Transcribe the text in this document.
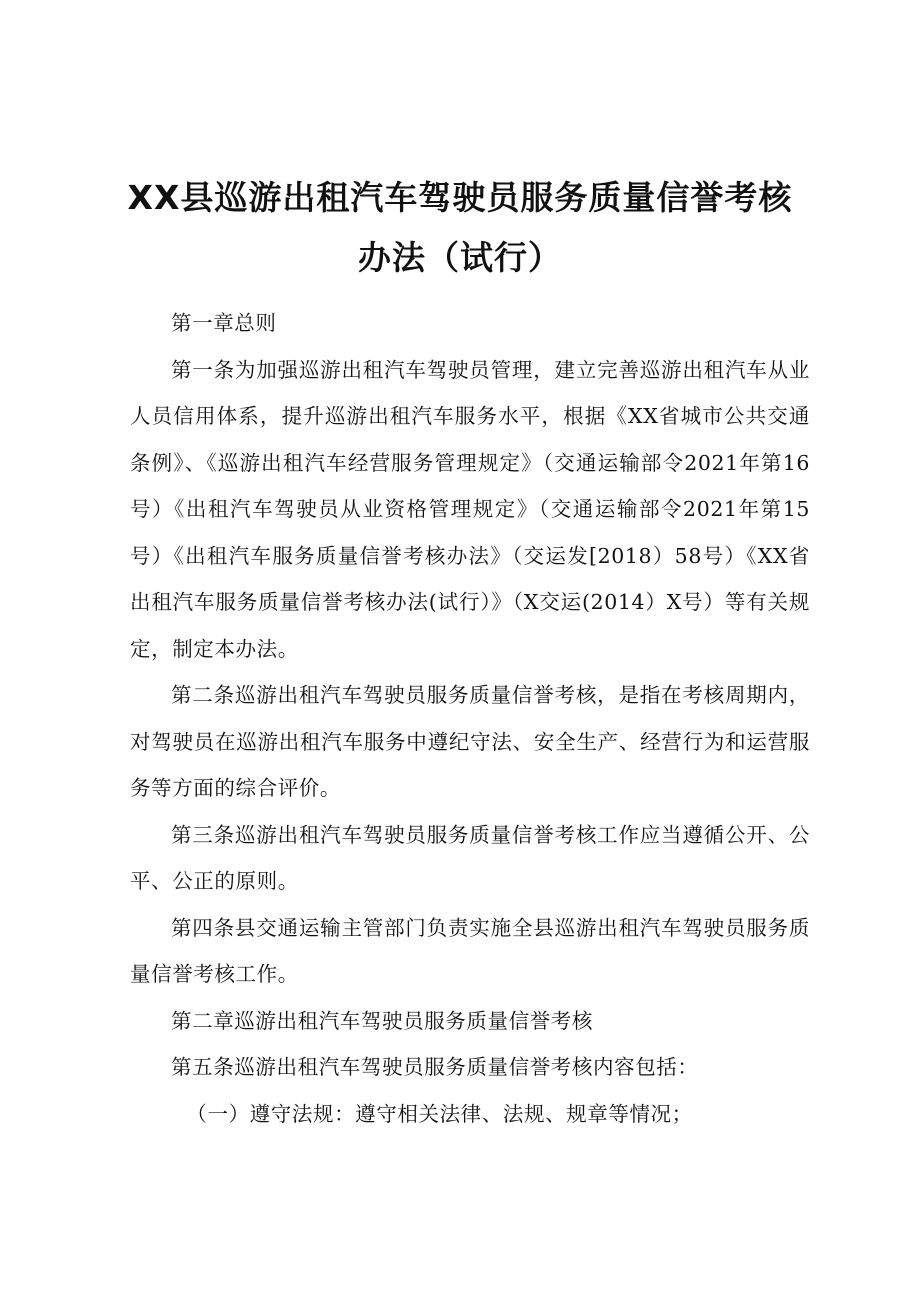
XX县巡游出租汽车驾驶员服务质量信誉考核
办法（试行）

第一章总则

第一条为加强巡游出租汽车驾驶员管理，建立完善巡游出租汽车从业人员信用体系，提升巡游出租汽车服务水平，根据《XX省城市公共交通条例》、《巡游出租汽车经营服务管理规定》（交通运输部令2021年第16号）《出租汽车驾驶员从业资格管理规定》（交通运输部令2021年第15号）《出租汽车服务质量信誉考核办法》（交运发[2018）58号）《XX省出租汽车服务质量信誉考核办法(试行）》（X交运(2014）X号）等有关规定，制定本办法。

第二条巡游出租汽车驾驶员服务质量信誉考核，是指在考核周期内，对驾驶员在巡游出租汽车服务中遵纪守法、安全生产、经营行为和运营服务等方面的综合评价。

第三条巡游出租汽车驾驶员服务质量信誉考核工作应当遵循公开、公平、公正的原则。

第四条县交通运输主管部门负责实施全县巡游出租汽车驾驶员服务质量信誉考核工作。

第二章巡游出租汽车驾驶员服务质量信誉考核

第五条巡游出租汽车驾驶员服务质量信誉考核内容包括：

（一）遵守法规：遵守相关法律、法规、规章等情况；
